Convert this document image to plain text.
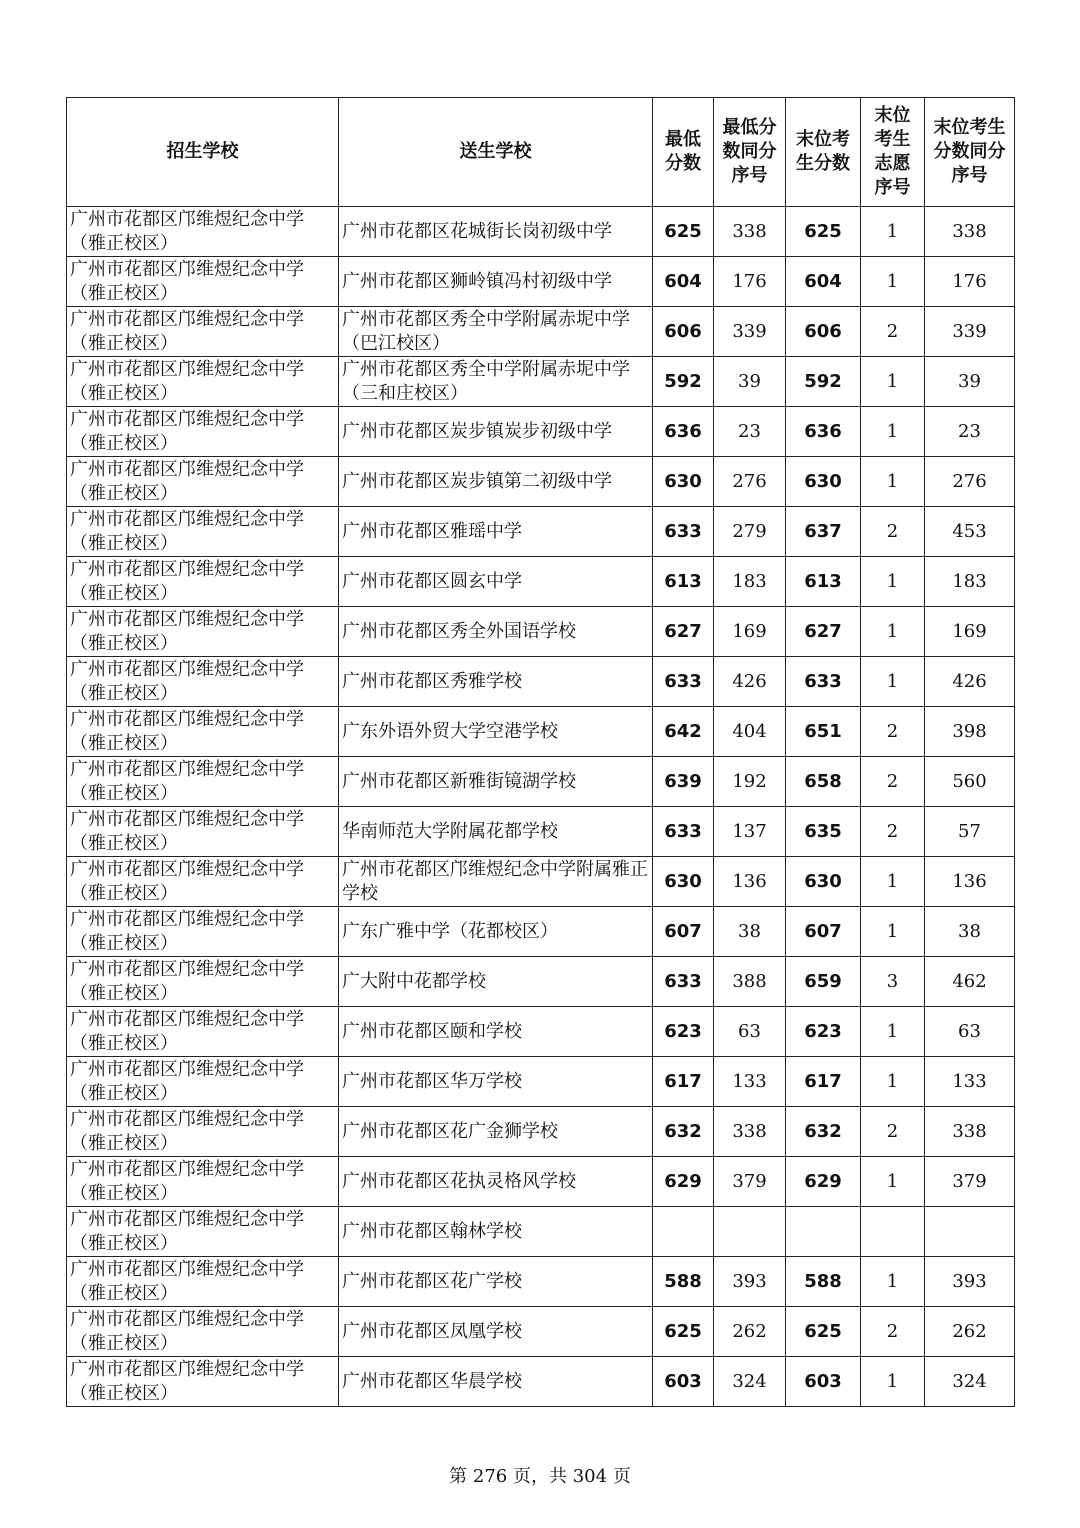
招生学校	送生学校	最低分数	最低分数同分序号	末位考生分数	末位考生志愿序号	末位考生分数同分序号
广州市花都区邝维煜纪念中学（雅正校区）	广州市花都区花城街长岗初级中学	625	338	625	1	338
广州市花都区邝维煜纪念中学（雅正校区）	广州市花都区狮岭镇冯村初级中学	604	176	604	1	176
广州市花都区邝维煜纪念中学（雅正校区）	广州市花都区秀全中学附属赤坭中学（巴江校区）	606	339	606	2	339
广州市花都区邝维煜纪念中学（雅正校区）	广州市花都区秀全中学附属赤坭中学（三和庄校区）	592	39	592	1	39
广州市花都区邝维煜纪念中学（雅正校区）	广州市花都区炭步镇炭步初级中学	636	23	636	1	23
广州市花都区邝维煜纪念中学（雅正校区）	广州市花都区炭步镇第二初级中学	630	276	630	1	276
广州市花都区邝维煜纪念中学（雅正校区）	广州市花都区雅瑶中学	633	279	637	2	453
广州市花都区邝维煜纪念中学（雅正校区）	广州市花都区圆玄中学	613	183	613	1	183
广州市花都区邝维煜纪念中学（雅正校区）	广州市花都区秀全外国语学校	627	169	627	1	169
广州市花都区邝维煜纪念中学（雅正校区）	广州市花都区秀雅学校	633	426	633	1	426
广州市花都区邝维煜纪念中学（雅正校区）	广东外语外贸大学空港学校	642	404	651	2	398
广州市花都区邝维煜纪念中学（雅正校区）	广州市花都区新雅街镜湖学校	639	192	658	2	560
广州市花都区邝维煜纪念中学（雅正校区）	华南师范大学附属花都学校	633	137	635	2	57
广州市花都区邝维煜纪念中学（雅正校区）	广州市花都区邝维煜纪念中学附属雅正学校	630	136	630	1	136
广州市花都区邝维煜纪念中学（雅正校区）	广东广雅中学（花都校区）	607	38	607	1	38
广州市花都区邝维煜纪念中学（雅正校区）	广大附中花都学校	633	388	659	3	462
广州市花都区邝维煜纪念中学（雅正校区）	广州市花都区颐和学校	623	63	623	1	63
广州市花都区邝维煜纪念中学（雅正校区）	广州市花都区华万学校	617	133	617	1	133
广州市花都区邝维煜纪念中学（雅正校区）	广州市花都区花广金狮学校	632	338	632	2	338
广州市花都区邝维煜纪念中学（雅正校区）	广州市花都区花执灵格风学校	629	379	629	1	379
广州市花都区邝维煜纪念中学（雅正校区）	广州市花都区翰林学校					
广州市花都区邝维煜纪念中学（雅正校区）	广州市花都区花广学校	588	393	588	1	393
广州市花都区邝维煜纪念中学（雅正校区）	广州市花都区凤凰学校	625	262	625	2	262
广州市花都区邝维煜纪念中学（雅正校区）	广州市花都区华晨学校	603	324	603	1	324
第 276 页，共 304 页
